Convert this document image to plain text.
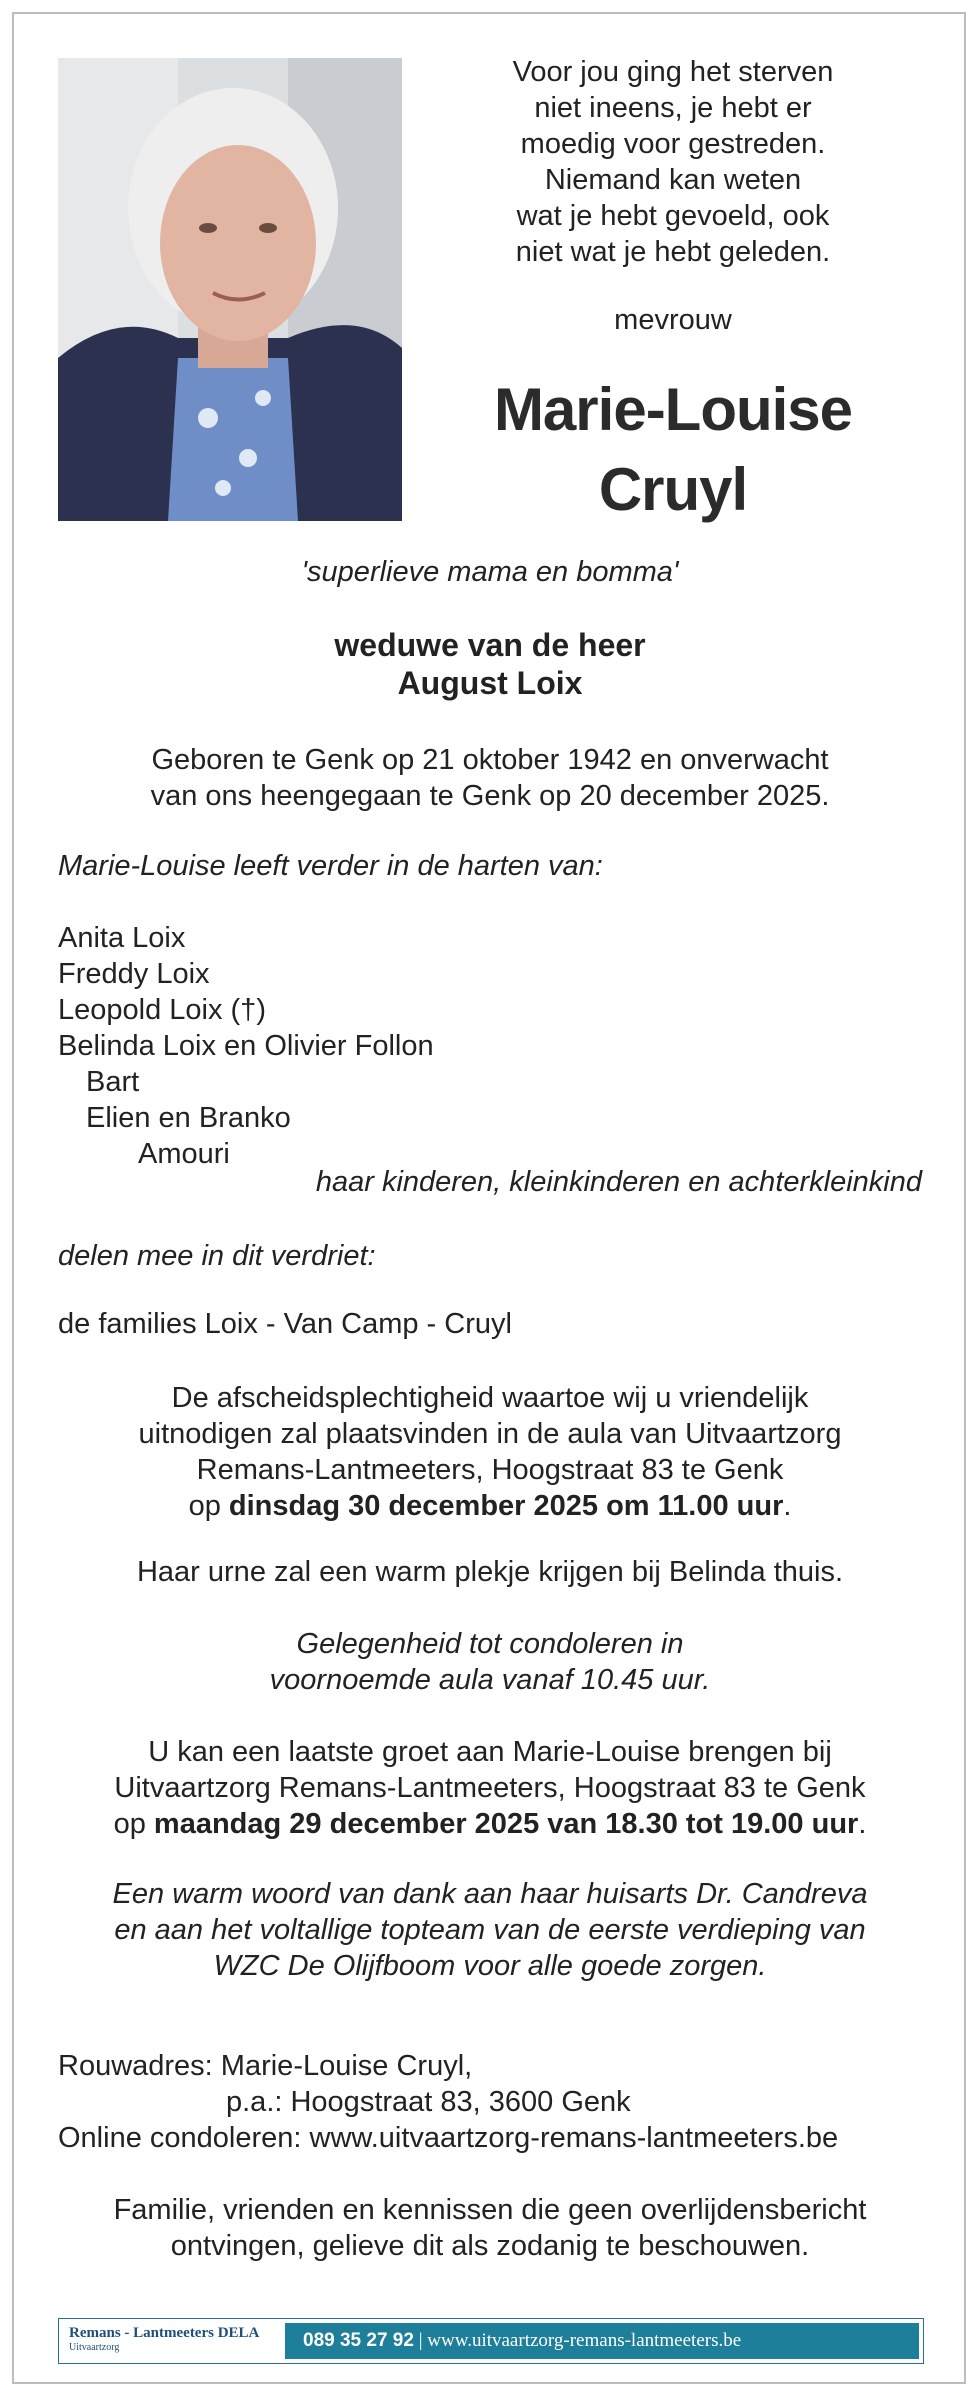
Voor jou ging het sterven
niet ineens, je hebt er
moedig voor gestreden.
Niemand kan weten
wat je hebt gevoeld, ook
niet wat je hebt geleden.
mevrouw
Marie-Louise
Cruyl
'superlieve mama en bomma'
weduwe van de heer
August Loix
Geboren te Genk op 21 oktober 1942 en onverwacht
van ons heengegaan te Genk op 20 december 2025.
Marie-Louise leeft verder in de harten van:
Anita Loix
Freddy Loix
Leopold Loix (†)
Belinda Loix en Olivier Follon
Bart
Elien en Branko
Amouri
haar kinderen, kleinkinderen en achterkleinkind
delen mee in dit verdriet:
de families Loix - Van Camp - Cruyl
De afscheidsplechtigheid waartoe wij u vriendelijk
uitnodigen zal plaatsvinden in de aula van Uitvaartzorg
Remans-Lantmeeters, Hoogstraat 83 te Genk
op dinsdag 30 december 2025 om 11.00 uur.
Haar urne zal een warm plekje krijgen bij Belinda thuis.
Gelegenheid tot condoleren in
voornoemde aula vanaf 10.45 uur.
U kan een laatste groet aan Marie-Louise brengen bij
Uitvaartzorg Remans-Lantmeeters, Hoogstraat 83 te Genk
op maandag 29 december 2025 van 18.30 tot 19.00 uur.
Een warm woord van dank aan haar huisarts Dr. Candreva
en aan het voltallige topteam van de eerste verdieping van
WZC De Olijfboom voor alle goede zorgen.
Rouwadres: Marie-Louise Cruyl,
p.a.: Hoogstraat 83, 3600 Genk
Online condoleren: www.uitvaartzorg-remans-lantmeeters.be
Familie, vrienden en kennissen die geen overlijdensbericht
ontvingen, gelieve dit als zodanig te beschouwen.
Remans - Lantmeeters DELA
Uitvaartzorg	089 35 27 92 | www.uitvaartzorg-remans-lantmeeters.be
